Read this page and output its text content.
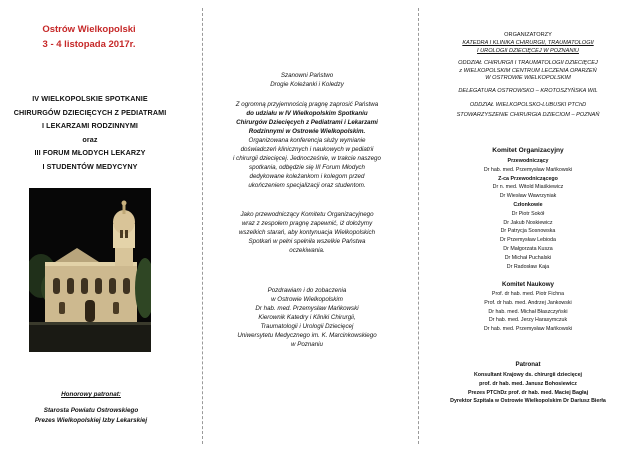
Ostrów Wielkopolski
3 - 4 listopada 2017r.
IV WIELKOPOLSKIE SPOTKANIE
CHIRURGÓW DZIECIĘCYCH Z PEDIATRAMI
I LEKARZAMI RODZINNYMI
oraz
III FORUM MŁODYCH LEKARZY
I STUDENTÓW MEDYCYNY
Honorowy patronat:
Starosta Powiatu Ostrowskiego
Prezes Wielkopolskiej Izby Lekarskiej
Szanowni Państwo
Drogie Koleżanki i Koledzy
Z ogromną przyjemnością pragnę zaprosić Państwa
do udziału w IV Wielkopolskim Spotkaniu
Chirurgów Dziecięcych z Pediatrami i Lekarzami
Rodzinnymi w Ostrowie Wielkopolskim.
Organizowana konferencja służy wymianie
doświadczeń klinicznych i naukowych w pediatrii
i chirurgii dziecięcej. Jednocześnie, w trakcie naszego
spotkania, odbędzie się III Forum Młodych
dedykowane koleżankom i kolegom przed
ukończeniem specjalizacji oraz studentom.
Jako przewodniczący Komitetu Organizacyjnego
wraz z zespołem pragnę zapewnić, iż dołożymy
wszelkich starań, aby kontynuacja Wielkopolskich
Spotkań w pełni spełniła wszelkie Państwa
oczekiwania.
Pozdrawiam i do zobaczenia
w Ostrowie Wielkopolskim
Dr hab. med. Przemysław Mańkowski
Kierownik Katedry i Kliniki Chirurgii,
Traumatologii i Urologii Dziecięcej
Uniwersytetu Medycznego im. K. Marcinkowskiego
w Poznaniu
ORGANIZATORZY
KATEDRA I KLINIKA CHIRURGII, TRAUMATOLOGII
I UROLOGII DZIECIĘCEJ W POZNANIU
ODDZIAŁ CHIRURGII I TRAUMATOLOGII DZIECIĘCEJ
z WIELKOPOLSKIM CENTRUM LECZENIA OPARZEŃ
W OSTROWIE WIELKOPOLSKIM
DELEGATURA OSTROWSKO – KROTOSZYŃSKA WIL
ODDZIAŁ WIELKOPOLSKO-LUBUSKI PTChD
STOWARZYSZENIE CHIRURGIA DZIECIOM – POZNAŃ
Komitet Organizacyjny
Przewodniczący
Dr hab. med. Przemysław Mańkowski
Z-ca Przewodniczącego
Dr n. med. Witold Miaśkiewicz
Dr Wiesław Wawrzyniak
Członkowie
Dr Piotr Sokół
Dr Jakub Noskiewicz
Dr Patrycja Sosnowska
Dr Przemysław Lebioda
Dr Małgorzata Kusza
Dr Michał Puchalski
Dr Radosław Kaja
Komitet Naukowy
Prof. dr hab. med. Piotr Fichna
Prof. dr hab. med. Andrzej Jankowski
Dr hab. med. Michał Błaszczyński
Dr hab. med. Jerzy Harasymczuk
Dr hab. med. Przemysław Mańkowski
Patronat
Konsultant Krajowy ds. chirurgii dziecięcej
prof. dr hab. med. Janusz Bohosiewicz
Prezes PTChDz prof. dr hab. med. Maciej Bagłaj
Dyrektor Szpitala w Ostrowie Wielkopolskim Dr Dariusz Bierła
